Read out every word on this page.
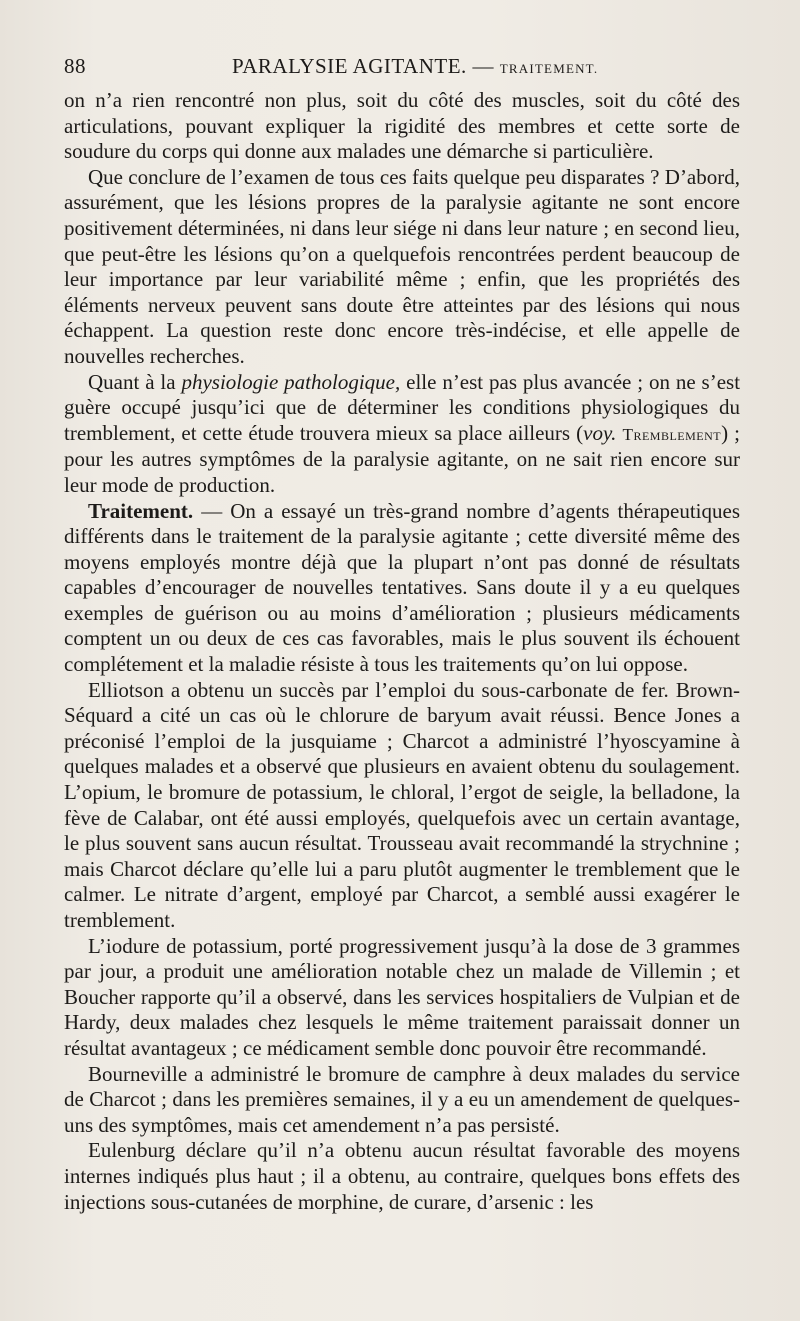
88	PARALYSIE AGITANTE. — TRAITEMENT.

on n’a rien rencontré non plus, soit du côté des muscles, soit du côté des articulations, pouvant expliquer la rigidité des membres et cette sorte de soudure du corps qui donne aux malades une démarche si particulière.

Que conclure de l’examen de tous ces faits quelque peu disparates ? D’abord, assurément, que les lésions propres de la paralysie agitante ne sont encore positivement déterminées, ni dans leur siége ni dans leur nature ; en second lieu, que peut-être les lésions qu’on a quelquefois rencontrées perdent beaucoup de leur importance par leur variabilité même ; enfin, que les propriétés des éléments nerveux peuvent sans doute être atteintes par des lésions qui nous échappent. La question reste donc encore très-indécise, et elle appelle de nouvelles recherches.

Quant à la physiologie pathologique, elle n’est pas plus avancée ; on ne s’est guère occupé jusqu’ici que de déterminer les conditions physiologiques du tremblement, et cette étude trouvera mieux sa place ailleurs (voy. Tremblement) ; pour les autres symptômes de la paralysie agitante, on ne sait rien encore sur leur mode de production.

Traitement. — On a essayé un très-grand nombre d’agents thérapeutiques différents dans le traitement de la paralysie agitante ; cette diversité même des moyens employés montre déjà que la plupart n’ont pas donné de résultats capables d’encourager de nouvelles tentatives. Sans doute il y a eu quelques exemples de guérison ou au moins d’amélioration ; plusieurs médicaments comptent un ou deux de ces cas favorables, mais le plus souvent ils échouent complétement et la maladie résiste à tous les traitements qu’on lui oppose.

Elliotson a obtenu un succès par l’emploi du sous-carbonate de fer. Brown-Séquard a cité un cas où le chlorure de baryum avait réussi. Bence Jones a préconisé l’emploi de la jusquiame ; Charcot a administré l’hyoscyamine à quelques malades et a observé que plusieurs en avaient obtenu du soulagement. L’opium, le bromure de potassium, le chloral, l’ergot de seigle, la belladone, la fève de Calabar, ont été aussi employés, quelquefois avec un certain avantage, le plus souvent sans aucun résultat. Trousseau avait recommandé la strychnine ; mais Charcot déclare qu’elle lui a paru plutôt augmenter le tremblement que le calmer. Le nitrate d’argent, employé par Charcot, a semblé aussi exagérer le tremblement.

L’iodure de potassium, porté progressivement jusqu’à la dose de 3 grammes par jour, a produit une amélioration notable chez un malade de Villemin ; et Boucher rapporte qu’il a observé, dans les services hospitaliers de Vulpian et de Hardy, deux malades chez lesquels le même traitement paraissait donner un résultat avantageux ; ce médicament semble donc pouvoir être recommandé.

Bourneville a administré le bromure de camphre à deux malades du service de Charcot ; dans les premières semaines, il y a eu un amendement de quelques-uns des symptômes, mais cet amendement n’a pas persisté.

Eulenburg déclare qu’il n’a obtenu aucun résultat favorable des moyens internes indiqués plus haut ; il a obtenu, au contraire, quelques bons effets des injections sous-cutanées de morphine, de curare, d’arsenic : les
